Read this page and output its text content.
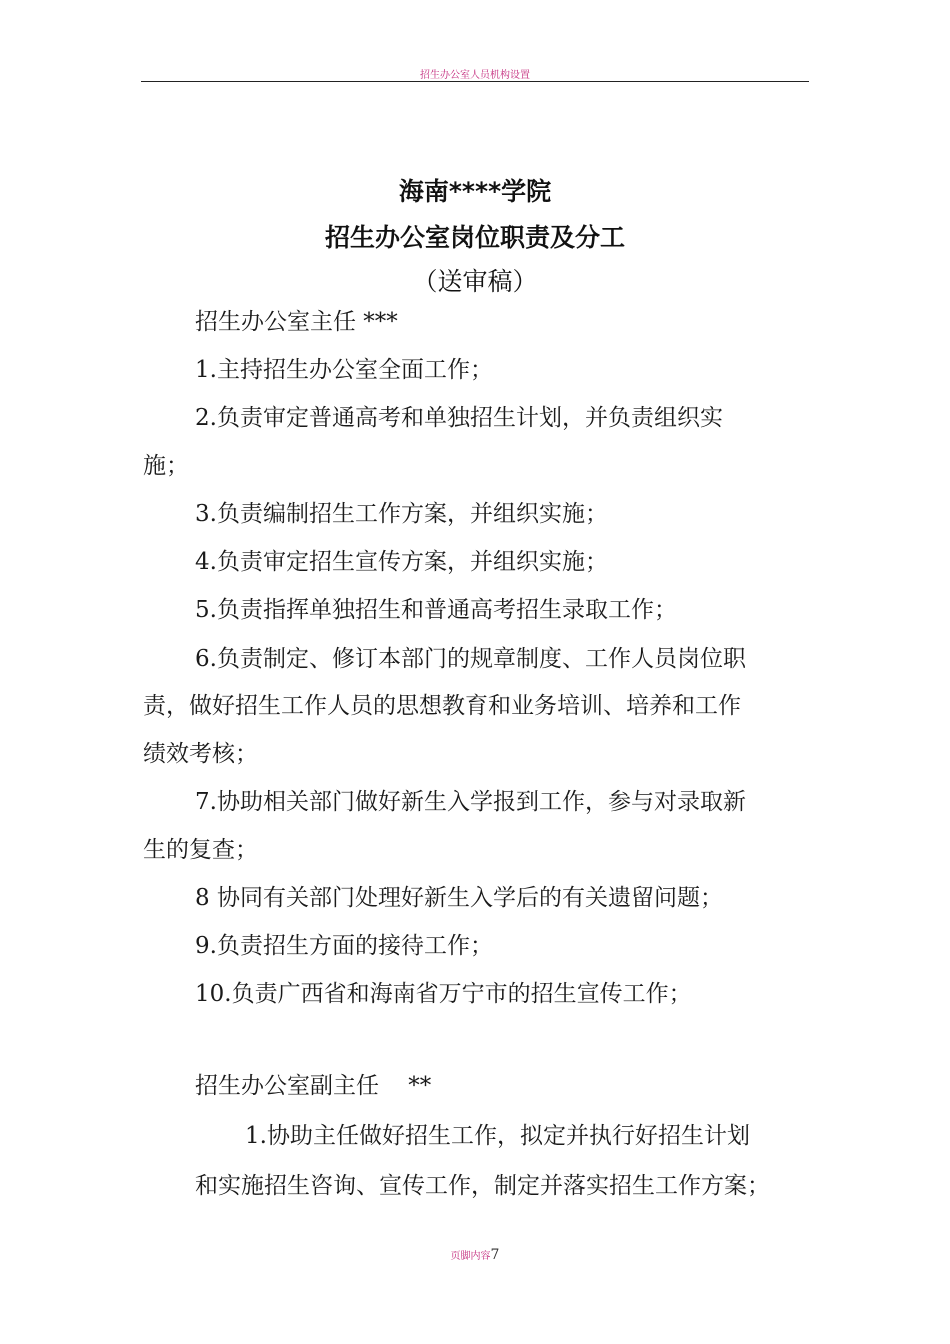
招生办公室人员机构设置
海南****学院
招生办公室岗位职责及分工
（送审稿）
招生办公室主任 ***
1.主持招生办公室全面工作；
2.负责审定普通高考和单独招生计划，并负责组织实
施；
3.负责编制招生工作方案，并组织实施；
4.负责审定招生宣传方案，并组织实施；
5.负责指挥单独招生和普通高考招生录取工作；
6.负责制定、修订本部门的规章制度、工作人员岗位职
责，做好招生工作人员的思想教育和业务培训、培养和工作
绩效考核；
7.协助相关部门做好新生入学报到工作，参与对录取新
生的复查；
8 协同有关部门处理好新生入学后的有关遗留问题；
9.负责招生方面的接待工作；
10.负责广西省和海南省万宁市的招生宣传工作；
招生办公室副主任    **
1.协助主任做好招生工作，拟定并执行好招生计划
和实施招生咨询、宣传工作，制定并落实招生工作方案；
页脚内容7
